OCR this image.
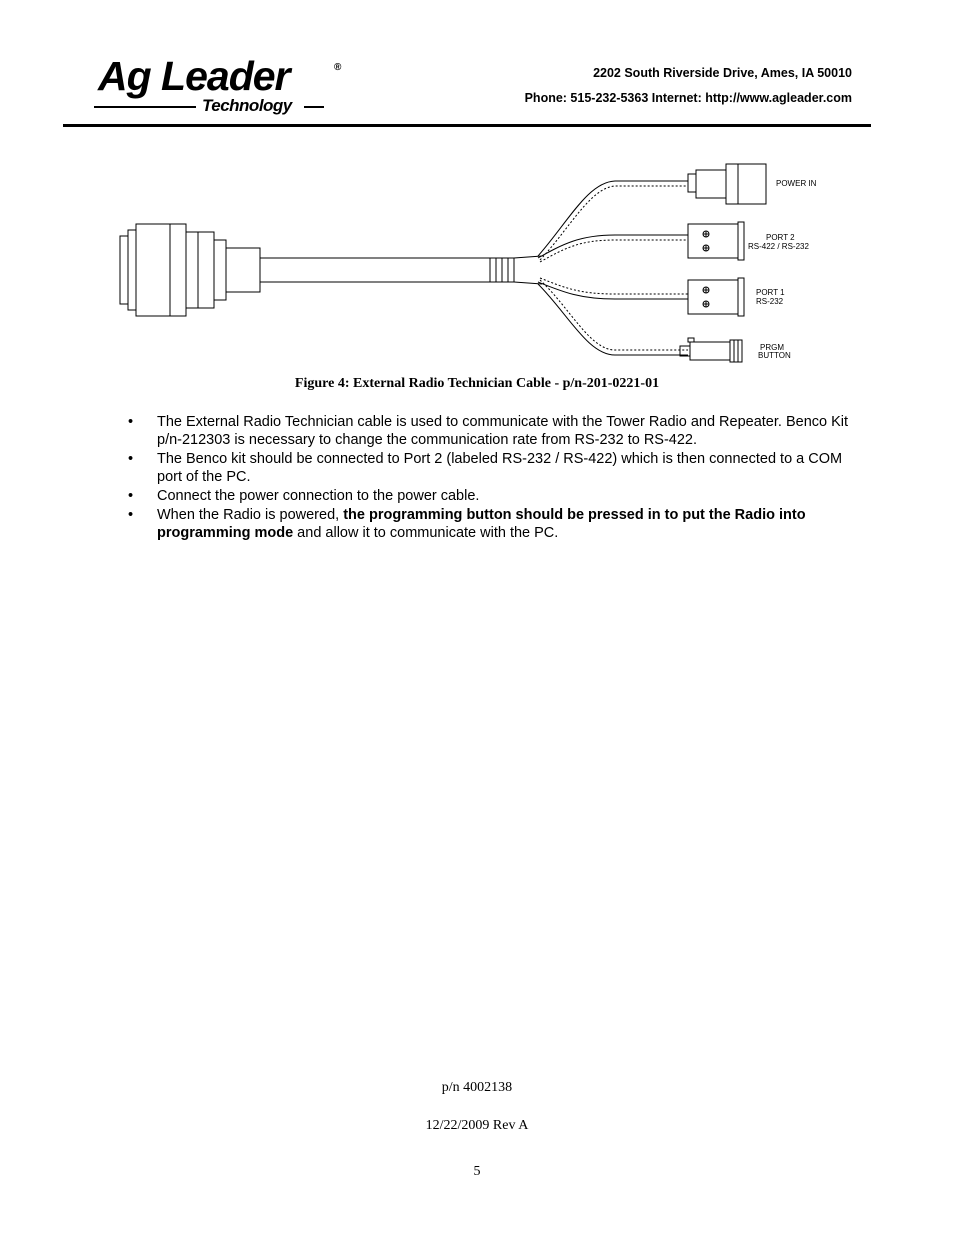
Ag Leader	®
Technology
2202 South Riverside Drive, Ames, IA 50010
Phone: 515-232-5363 Internet: http://www.agleader.com
POWER IN
PORT 2
RS-422 / RS-232
PORT 1
RS-232
PRGM
BUTTON
Figure 4: External Radio Technician Cable - p/n-201-0221-01
• The External Radio Technician cable is used to communicate with the Tower Radio and Repeater. Benco Kit p/n-212303 is necessary to change the communication rate from RS-232 to RS-422.
• The Benco kit should be connected to Port 2 (labeled RS-232 / RS-422) which is then connected to a COM port of the PC.
• Connect the power connection to the power cable.
• When the Radio is powered, the programming button should be pressed in to put the Radio into programming mode and allow it to communicate with the PC.
p/n 4002138
12/22/2009 Rev A
5
